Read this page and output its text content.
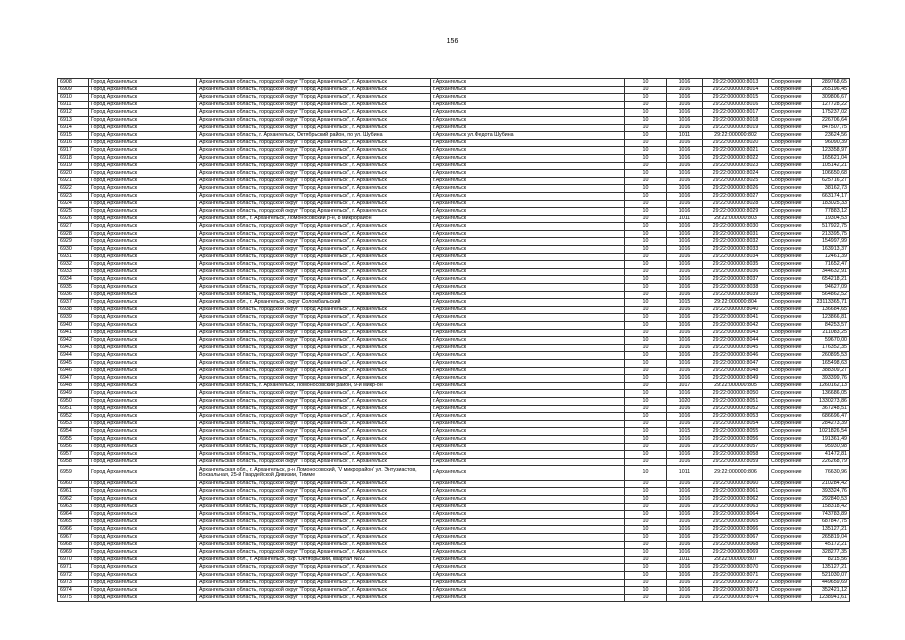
156
6908	Город Архангельск	Архангельская область, городской округ "Город Архангельск", г. Архангельск	г.Архангельск	10	1016	29:22:000000:8013	Сооружение	289768,65
6909	Город Архангельск	Архангельская область, городской округ "Город Архангельск", г. Архангельск	г.Архангельск	10	1016	29:22:000000:8014	Сооружение	265196,45
6910	Город Архангельск	Архангельская область, городской округ "Город Архангельск", г. Архангельск	г.Архангельск	10	1016	29:22:000000:8015	Сооружение	309806,67
6911	Город Архангельск	Архангельская область, городской округ "Город Архангельск", г. Архангельск	г.Архангельск	10	1016	29:22:000000:8016	Сооружение	127728,22
6912	Город Архангельск	Архангельская область, городской округ "Город Архангельск", г. Архангельск	г.Архангельск	10	1016	29:22:000000:8017	Сооружение	175237,02
6913	Город Архангельск	Архангельская область, городской округ "Город Архангельск", г. Архангельск	г.Архангельск	10	1016	29:22:000000:8018	Сооружение	226706,64
6914	Город Архангельск	Архангельская область, городской округ "Город Архангельск", г. Архангельск	г.Архангельск	10	1016	29:22:000000:8019	Сооружение	847507,75
6915	Город Архангельск	Архангельская область, г. Архангельск, Октябрьский район, по ул. Шубина	г.Архангельск ул.Федота Шубина	10	1011	29:22:000000:802	Сооружение	23624,56
6916	Город Архангельск	Архангельская область, городской округ "Город Архангельск", г. Архангельск	г.Архангельск	10	1016	29:22:000000:8020	Сооружение	96090,39
6917	Город Архангельск	Архангельская область, городской округ "Город Архангельск", г. Архангельск	г.Архангельск	10	1016	29:22:000000:8021	Сооружение	123358,97
6918	Город Архангельск	Архангельская область, городской округ "Город Архангельск", г. Архангельск	г.Архангельск	10	1016	29:22:000000:8022	Сооружение	165621,04
6919	Город Архангельск	Архангельская область, городской округ "Город Архангельск", г. Архангельск	г.Архангельск	10	1016	29:22:000000:8023	Сооружение	105142,21
6920	Город Архангельск	Архангельская область, городской округ "Город Архангельск", г. Архангельск	г.Архангельск	10	1016	29:22:000000:8024	Сооружение	106650,68
6921	Город Архангельск	Архангельская область, городской округ "Город Архангельск", г. Архангельск	г.Архангельск	10	1016	29:22:000000:8025	Сооружение	625716,27
6922	Город Архангельск	Архангельская область, городской округ "Город Архангельск", г. Архангельск	г.Архангельск	10	1016	29:22:000000:8026	Сооружение	38162,73
6923	Город Архангельск	Архангельская область, городской округ "Город Архангельск", г. Архангельск	г.Архангельск	10	1016	29:22:000000:8027	Сооружение	663174,17
6924	Город Архангельск	Архангельская область, городской округ "Город Архангельск", г. Архангельск	г.Архангельск	10	1016	29:22:000000:8028	Сооружение	183025,33
6925	Город Архангельск	Архангельская область, городской округ "Город Архангельск", г. Архангельск	г.Архангельск	10	1016	29:22:000000:8029	Сооружение	77883,12
6926	Город Архангельск	Архангельская обл., г. Архангельск, Ломоносовский р-н, 8 микрорайон	г.Архангельск	10	1011	29:22:000000:803	Сооружение	19304,53
6927	Город Архангельск	Архангельская область, городской округ "Город Архангельск", г. Архангельск	г.Архангельск	10	1016	29:22:000000:8030	Сооружение	517922,75
6928	Город Архангельск	Архангельская область, городской округ "Город Архангельск", г. Архангельск	г.Архангельск	10	1016	29:22:000000:8031	Сооружение	213395,75
6929	Город Архангельск	Архангельская область, городской округ "Город Архангельск", г. Архангельск	г.Архангельск	10	1016	29:22:000000:8032	Сооружение	154997,99
6930	Город Архангельск	Архангельская область, городской округ "Город Архангельск", г. Архангельск	г.Архангельск	10	1016	29:22:000000:8033	Сооружение	163913,37
6931	Город Архангельск	Архангельская область, городской округ "Город Архангельск", г. Архангельск	г.Архангельск	10	1016	29:22:000000:8034	Сооружение	12461,39
6932	Город Архангельск	Архангельская область, городской округ "Город Архангельск", г. Архангельск	г.Архангельск	10	1016	29:22:000000:8035	Сооружение	71652,47
6933	Город Архангельск	Архангельская область, городской округ "Город Архангельск", г. Архангельск	г.Архангельск	10	1016	29:22:000000:8036	Сооружение	344632,91
6934	Город Архангельск	Архангельская область, городской округ "Город Архангельск", г. Архангельск	г.Архангельск	10	1016	29:22:000000:8037	Сооружение	654218,21
6935	Город Архангельск	Архангельская область, городской округ "Город Архангельск", г. Архангельск	г.Архангельск	10	1016	29:22:000000:8038	Сооружение	94627,09
6936	Город Архангельск	Архангельская область, городской округ "Город Архангельск", г. Архангельск	г.Архангельск	10	1016	29:22:000000:8039	Сооружение	564862,52
6937	Город Архангельск	Архангельская обл., г. Архангельск, округ Соломбальский	г.Архангельск	10	1015	29:22:000000:804	Сооружение	23113365,71
6938	Город Архангельск	Архангельская область, городской округ "Город Архангельск", г. Архангельск	г.Архангельск	10	1016	29:22:000000:8040	Сооружение	136684,65
6939	Город Архангельск	Архангельская область, городской округ "Город Архангельск", г. Архангельск	г.Архангельск	10	1016	29:22:000000:8041	Сооружение	123866,81
6940	Город Архангельск	Архангельская область, городской округ "Город Архангельск", г. Архангельск	г.Архангельск	10	1016	29:22:000000:8042	Сооружение	84253,57
6941	Город Архангельск	Архангельская область, городской округ "Город Архангельск", г. Архангельск	г.Архангельск	10	1016	29:22:000000:8043	Сооружение	211083,25
6942	Город Архангельск	Архангельская область, городской округ "Город Архангельск", г. Архангельск	г.Архангельск	10	1016	29:22:000000:8044	Сооружение	59670,00
6943	Город Архангельск	Архангельская область, городской округ "Город Архангельск", г. Архангельск	г.Архангельск	10	1016	29:22:000000:8045	Сооружение	176352,35
6944	Город Архангельск	Архангельская область, городской округ "Город Архангельск", г. Архангельск	г.Архангельск	10	1016	29:22:000000:8046	Сооружение	260895,53
6945	Город Архангельск	Архангельская область, городской округ "Город Архангельск", г. Архангельск	г.Архангельск	10	1016	29:22:000000:8047	Сооружение	165498,63
6946	Город Архангельск	Архангельская область, городской округ "Город Архангельск", г. Архангельск	г.Архангельск	10	1016	29:22:000000:8048	Сооружение	388309,27
6947	Город Архангельск	Архангельская область, городской округ "Город Архангельск", г. Архангельск	г.Архангельск	10	1016	29:22:000000:8049	Сооружение	393399,76
6948	Город Архангельск	Архангельская область, г. Архангельск, Ломоносовский район, 9-й микр-он	г.Архангельск	10	1017	29:22:000000:805	Сооружение	1260162,13
6949	Город Архангельск	Архангельская область, городской округ "Город Архангельск", г. Архангельск	г.Архангельск	10	1016	29:22:000000:8050	Сооружение	136686,05
6950	Город Архангельск	Архангельская область, городской округ "Город Архангельск", г. Архангельск	г.Архангельск	10	1020	29:22:000000:8051	Сооружение	1330273,86
6951	Город Архангельск	Архангельская область, городской округ "Город Архангельск", г. Архангельск	г.Архангельск	10	1016	29:22:000000:8052	Сооружение	367248,51
6952	Город Архангельск	Архангельская область, городской округ "Город Архангельск", г. Архангельск	г.Архангельск	10	1016	29:22:000000:8053	Сооружение	686696,47
6953	Город Архангельск	Архангельская область, городской округ "Город Архангельск", г. Архангельск	г.Архангельск	10	1016	29:22:000000:8054	Сооружение	284273,39
6954	Город Архангельск	Архангельская область, городской округ "Город Архангельск", г. Архангельск	г.Архангельск	10	1015	29:22:000000:8055	Сооружение	1021826,54
6955	Город Архангельск	Архангельская область, городской округ "Город Архангельск", г. Архангельск	г.Архангельск	10	1016	29:22:000000:8056	Сооружение	191361,49
6956	Город Архангельск	Архангельская область, городской округ "Город Архангельск", г. Архангельск	г.Архангельск	10	1016	29:22:000000:8057	Сооружение	95930,98
6957	Город Архангельск	Архангельская область, городской округ "Город Архангельск", г. Архангельск	г.Архангельск	10	1016	29:22:000000:8058	Сооружение	41472,81
6958	Город Архангельск	Архангельская область, городской округ "Город Архангельск", г. Архангельск	г.Архангельск	10	1016	29:22:000000:8059	Сооружение	226268,79
6959	Город Архангельск	Архангельская обл., г. Архангельск, р-н Ломоносовский, 'V микрорайон' ул. Энтузиастов, Вокзальная, 25-й Гвардейской Дивизии, Тимме	г.Архангельск	10	1011	29:22:000000:806	Сооружение	76630,96
6960	Город Архангельск	Архангельская область, городской округ "Город Архангельск", г. Архангельск	г.Архангельск	10	1016	29:22:000000:8060	Сооружение	210284,42
6961	Город Архангельск	Архангельская область, городской округ "Город Архангельск", г. Архангельск	г.Архангельск	10	1016	29:22:000000:8061	Сооружение	393324,76
6962	Город Архангельск	Архангельская область, городской округ "Город Архангельск", г. Архангельск	г.Архангельск	10	1016	29:22:000000:8062	Сооружение	292840,53
6963	Город Архангельск	Архангельская область, городской округ "Город Архангельск", г. Архангельск	г.Архангельск	10	1016	29:22:000000:8063	Сооружение	158318,42
6964	Город Архангельск	Архангельская область, городской округ "Город Архангельск", г. Архангельск	г.Архангельск	10	1016	29:22:000000:8064	Сооружение	743783,89
6965	Город Архангельск	Архангельская область, городской округ "Город Архангельск", г. Архангельск	г.Архангельск	10	1016	29:22:000000:8065	Сооружение	687847,75
6966	Город Архангельск	Архангельская область, городской округ "Город Архангельск", г. Архангельск	г.Архангельск	10	1016	29:22:000000:8066	Сооружение	135127,21
6967	Город Архангельск	Архангельская область, городской округ "Город Архангельск", г. Архангельск	г.Архангельск	10	1016	29:22:000000:8067	Сооружение	265819,04
6968	Город Архангельск	Архангельская область, городской округ "Город Архангельск", г. Архангельск	г.Архангельск	10	1016	29:22:000000:8068	Сооружение	45172,21
6969	Город Архангельск	Архангельская область, городской округ "Город Архангельск", г. Архангельск	г.Архангельск	10	1016	29:22:000000:8069	Сооружение	328277,35
6970	Город Архангельск	Архангельская обл., г. Архангельск, окр. Октябрьский, квартал №92	г.Архангельск	10	1011	29:22:000000:807	Сооружение	8215,56
6971	Город Архангельск	Архангельская область, городской округ "Город Архангельск", г. Архангельск	г.Архангельск	10	1016	29:22:000000:8070	Сооружение	135127,21
6972	Город Архангельск	Архангельская область, городской округ "Город Архангельск", г. Архангельск	г.Архангельск	10	1016	29:22:000000:8071	Сооружение	521030,07
6973	Город Архангельск	Архангельская область, городской округ "Город Архангельск", г. Архангельск	г.Архангельск	10	1016	29:22:000000:8072	Сооружение	449659,69
6974	Город Архангельск	Архангельская область, городской округ "Город Архангельск", г. Архангельск	г.Архангельск	10	1016	29:22:000000:8073	Сооружение	352421,12
6975	Город Архангельск	Архангельская область, городской округ "Город Архангельск", г. Архангельск	г.Архангельск	10	1016	29:22:000000:8074	Сооружение	1238941,61
